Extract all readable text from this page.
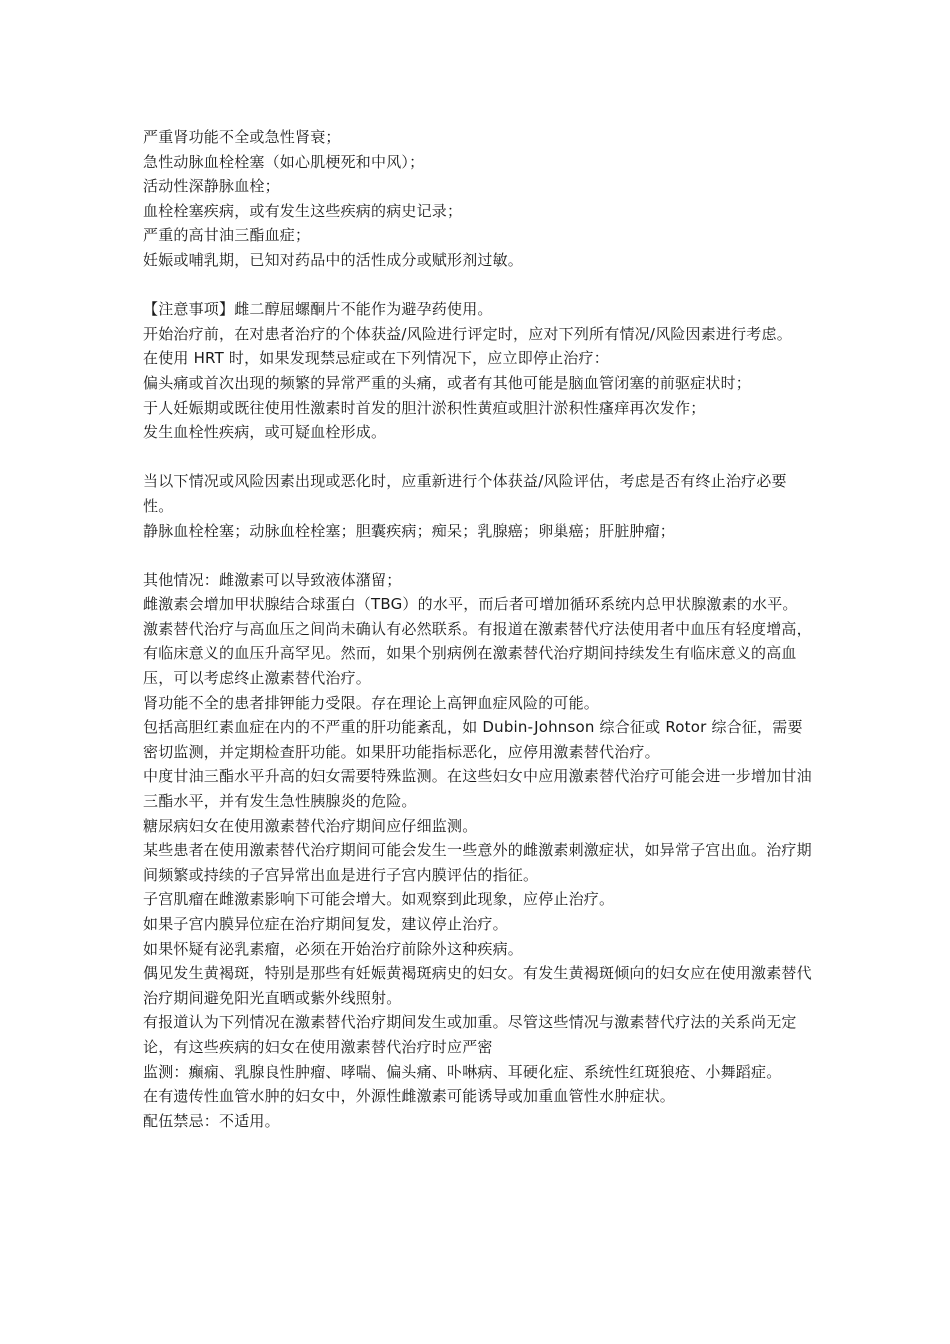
严重肾功能不全或急性肾衰；
急性动脉血栓栓塞（如心肌梗死和中风）；
活动性深静脉血栓；
血栓栓塞疾病，或有发生这些疾病的病史记录；
严重的高甘油三酯血症；
妊娠或哺乳期，已知对药品中的活性成分或赋形剂过敏。
【注意事项】雌二醇屈螺酮片不能作为避孕药使用。
开始治疗前，在对患者治疗的个体获益/风险进行评定时，应对下列所有情况/风险因素进行考虑。
在使用 HRT 时，如果发现禁忌症或在下列情况下，应立即停止治疗：
偏头痛或首次出现的频繁的异常严重的头痛，或者有其他可能是脑血管闭塞的前驱症状时；
于人妊娠期或既往使用性激素时首发的胆汁淤积性黄疸或胆汁淤积性瘙痒再次发作；
发生血栓性疾病，或可疑血栓形成。
当以下情况或风险因素出现或恶化时，应重新进行个体获益/风险评估，考虑是否有终止治疗必要性。
静脉血栓栓塞；动脉血栓栓塞；胆囊疾病；痴呆；乳腺癌；卵巢癌；肝脏肿瘤；
其他情况：雌激素可以导致液体潴留；
雌激素会增加甲状腺结合球蛋白（TBG）的水平，而后者可增加循环系统内总甲状腺激素的水平。
激素替代治疗与高血压之间尚未确认有必然联系。有报道在激素替代疗法使用者中血压有轻度增高，有临床意义的血压升高罕见。然而，如果个别病例在激素替代治疗期间持续发生有临床意义的高血压，可以考虑终止激素替代治疗。
肾功能不全的患者排钾能力受限。存在理论上高钾血症风险的可能。
包括高胆红素血症在内的不严重的肝功能紊乱，如 Dubin-Johnson 综合征或 Rotor 综合征，需要密切监测，并定期检查肝功能。如果肝功能指标恶化，应停用激素替代治疗。
中度甘油三酯水平升高的妇女需要特殊监测。在这些妇女中应用激素替代治疗可能会进一步增加甘油三酯水平，并有发生急性胰腺炎的危险。
糖尿病妇女在使用激素替代治疗期间应仔细监测。
某些患者在使用激素替代治疗期间可能会发生一些意外的雌激素刺激症状，如异常子宫出血。治疗期间频繁或持续的子宫异常出血是进行子宫内膜评估的指征。
子宫肌瘤在雌激素影响下可能会增大。如观察到此现象，应停止治疗。
如果子宫内膜异位症在治疗期间复发，建议停止治疗。
如果怀疑有泌乳素瘤，必须在开始治疗前除外这种疾病。
偶见发生黄褐斑，特别是那些有妊娠黄褐斑病史的妇女。有发生黄褐斑倾向的妇女应在使用激素替代治疗期间避免阳光直晒或紫外线照射。
有报道认为下列情况在激素替代治疗期间发生或加重。尽管这些情况与激素替代疗法的关系尚无定论，有这些疾病的妇女在使用激素替代治疗时应严密
监测：癫痫、乳腺良性肿瘤、哮喘、偏头痛、卟啉病、耳硬化症、系统性红斑狼疮、小舞蹈症。
在有遗传性血管水肿的妇女中，外源性雌激素可能诱导或加重血管性水肿症状。
配伍禁忌：不适用。
